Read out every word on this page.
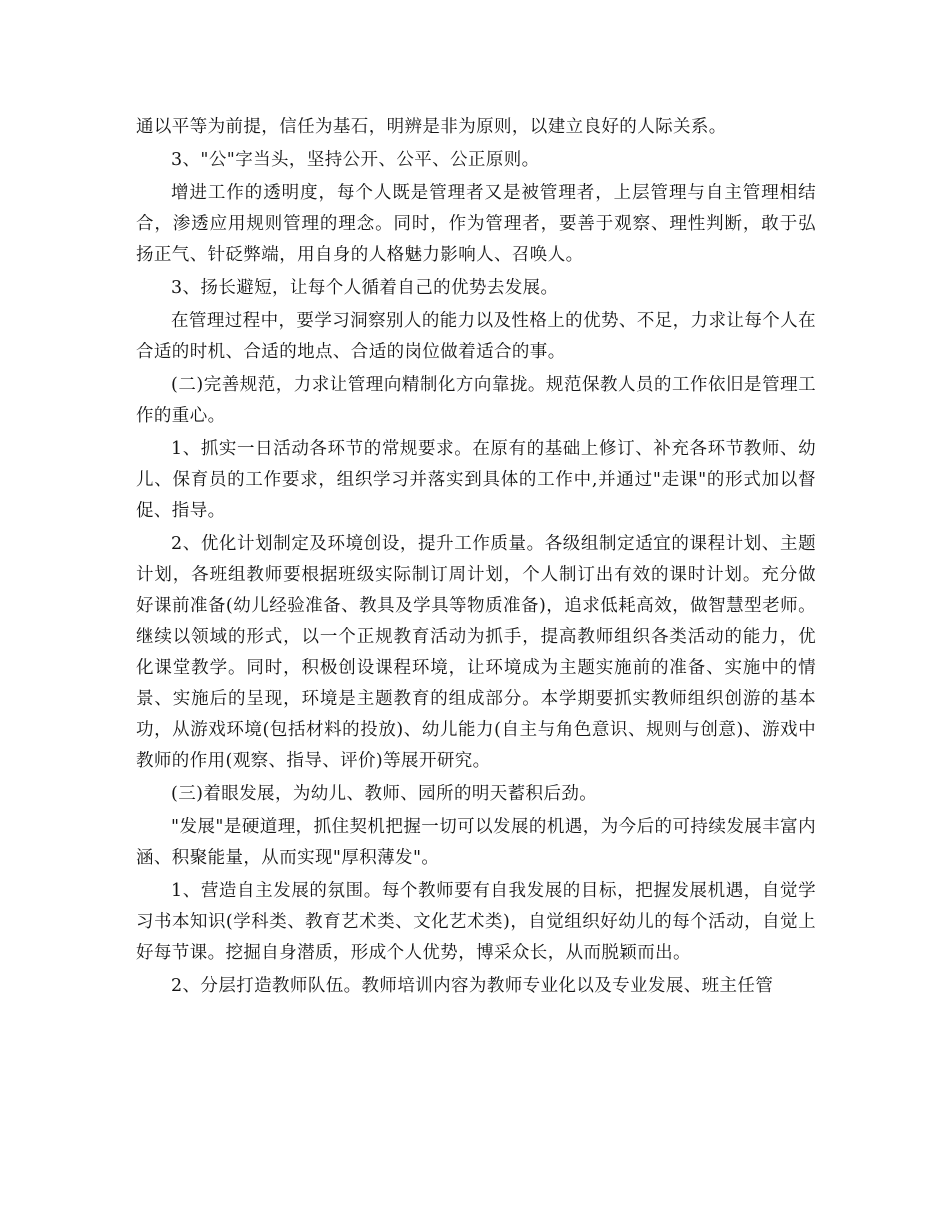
通以平等为前提，信任为基石，明辨是非为原则，以建立良好的人际关系。

3、"公"字当头，坚持公开、公平、公正原则。

增进工作的透明度，每个人既是管理者又是被管理者，上层管理与自主管理相结合，渗透应用规则管理的理念。同时，作为管理者，要善于观察、理性判断，敢于弘扬正气、针砭弊端，用自身的人格魅力影响人、召唤人。

3、扬长避短，让每个人循着自己的优势去发展。

在管理过程中，要学习洞察别人的能力以及性格上的优势、不足，力求让每个人在合适的时机、合适的地点、合适的岗位做着适合的事。

(二)完善规范，力求让管理向精制化方向靠拢。规范保教人员的工作依旧是管理工作的重心。

1、抓实一日活动各环节的常规要求。在原有的基础上修订、补充各环节教师、幼儿、保育员的工作要求，组织学习并落实到具体的工作中,并通过"走课"的形式加以督促、指导。

2、优化计划制定及环境创设，提升工作质量。各级组制定适宜的课程计划、主题计划，各班组教师要根据班级实际制订周计划，个人制订出有效的课时计划。充分做好课前准备(幼儿经验准备、教具及学具等物质准备)，追求低耗高效，做智慧型老师。继续以领域的形式，以一个正规教育活动为抓手，提高教师组织各类活动的能力，优化课堂教学。同时，积极创设课程环境，让环境成为主题实施前的准备、实施中的情景、实施后的呈现，环境是主题教育的组成部分。本学期要抓实教师组织创游的基本功，从游戏环境(包括材料的投放)、幼儿能力(自主与角色意识、规则与创意)、游戏中教师的作用(观察、指导、评价)等展开研究。

(三)着眼发展，为幼儿、教师、园所的明天蓄积后劲。

"发展"是硬道理，抓住契机把握一切可以发展的机遇，为今后的可持续发展丰富内涵、积聚能量，从而实现"厚积薄发"。

1、营造自主发展的氛围。每个教师要有自我发展的目标，把握发展机遇，自觉学习书本知识(学科类、教育艺术类、文化艺术类)，自觉组织好幼儿的每个活动，自觉上好每节课。挖掘自身潜质，形成个人优势，博采众长，从而脱颖而出。

2、分层打造教师队伍。教师培训内容为教师专业化以及专业发展、班主任管
